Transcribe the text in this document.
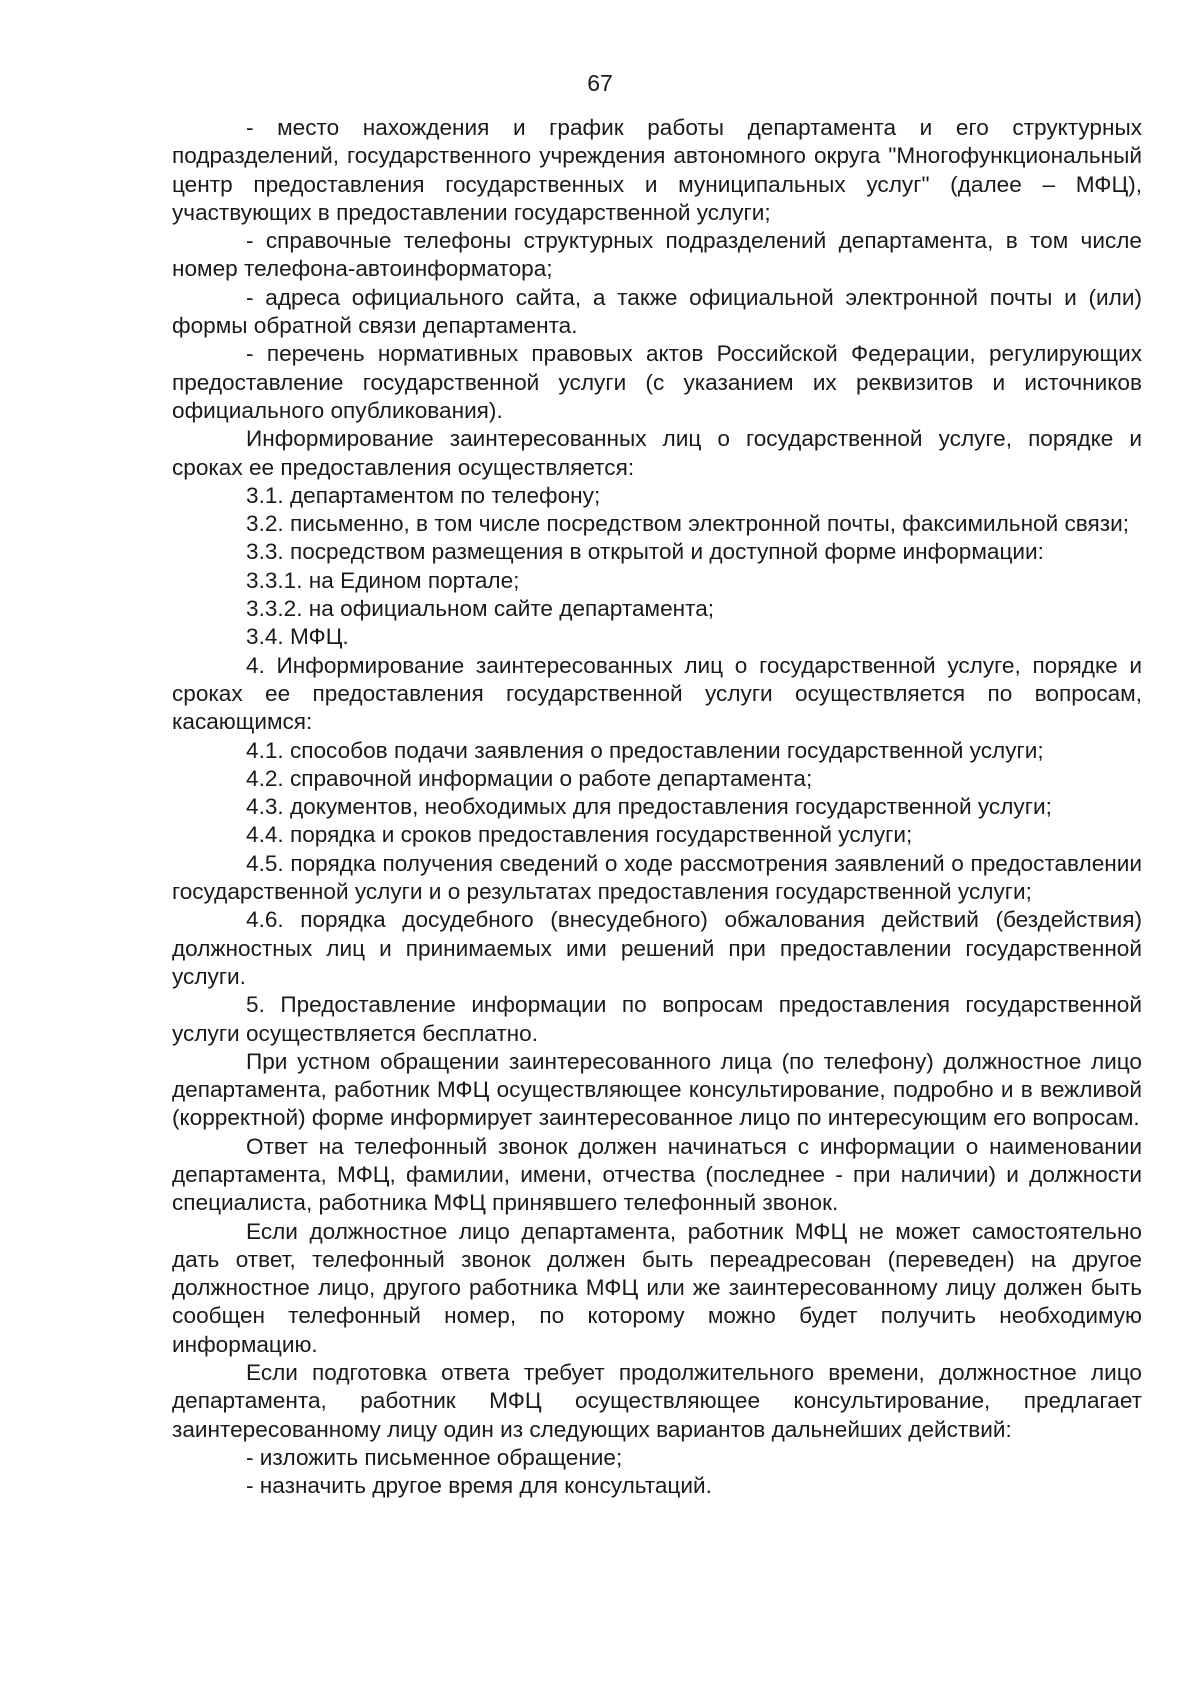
67

- место нахождения и график работы департамента и его структурных подразделений, государственного учреждения автономного округа "Многофункциональный центр предоставления государственных и муниципальных услуг" (далее – МФЦ), участвующих в предоставлении государственной услуги;

- справочные телефоны структурных подразделений департамента, в том числе номер телефона-автоинформатора;

- адреса официального сайта, а также официальной электронной почты и (или) формы обратной связи департамента.

- перечень нормативных правовых актов Российской Федерации, регулирующих предоставление государственной услуги (с указанием их реквизитов и источников официального опубликования).

Информирование заинтересованных лиц о государственной услуге, порядке и сроках ее предоставления осуществляется:

3.1. департаментом по телефону;

3.2. письменно, в том числе посредством электронной почты, факсимильной связи;

3.3. посредством размещения в открытой и доступной форме информации:

3.3.1. на Едином портале;

3.3.2. на официальном сайте департамента;

3.4. МФЦ.

4. Информирование заинтересованных лиц о государственной услуге, порядке и сроках ее предоставления государственной услуги осуществляется по вопросам, касающимся:

4.1. способов подачи заявления о предоставлении государственной услуги;

4.2. справочной информации о работе департамента;

4.3. документов, необходимых для предоставления государственной услуги;

4.4. порядка и сроков предоставления государственной услуги;

4.5. порядка получения сведений о ходе рассмотрения заявлений о предоставлении государственной услуги и о результатах предоставления государственной услуги;

4.6. порядка досудебного (внесудебного) обжалования действий (бездействия) должностных лиц и принимаемых ими решений при предоставлении государственной услуги.

5. Предоставление информации по вопросам предоставления государственной услуги осуществляется бесплатно.

При устном обращении заинтересованного лица (по телефону) должностное лицо департамента, работник МФЦ осуществляющее консультирование, подробно и в вежливой (корректной) форме информирует заинтересованное лицо по интересующим его вопросам.

Ответ на телефонный звонок должен начинаться с информации о наименовании департамента, МФЦ, фамилии, имени, отчества (последнее - при наличии) и должности специалиста, работника МФЦ принявшего телефонный звонок.

Если должностное лицо департамента, работник МФЦ не может самостоятельно дать ответ, телефонный звонок должен быть переадресован (переведен) на другое должностное лицо, другого работника МФЦ или же заинтересованному лицу должен быть сообщен телефонный номер, по которому можно будет получить необходимую информацию.

Если подготовка ответа требует продолжительного времени, должностное лицо департамента, работник МФЦ осуществляющее консультирование, предлагает заинтересованному лицу один из следующих вариантов дальнейших действий:

- изложить письменное обращение;

- назначить другое время для консультаций.
